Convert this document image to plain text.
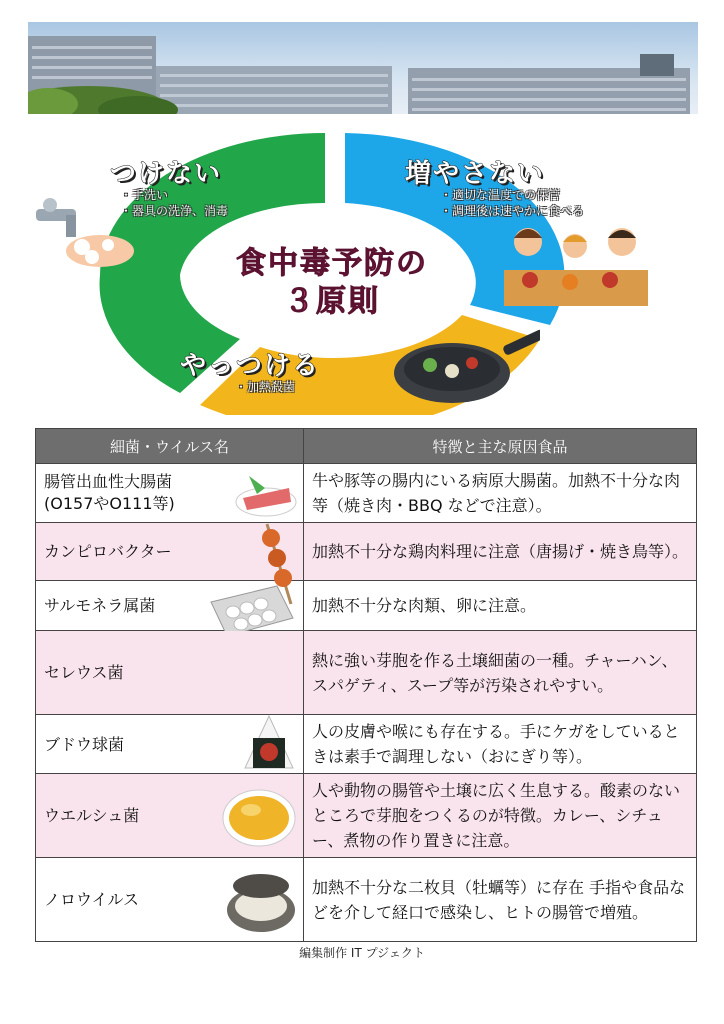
つけない
・手洗い
・器具の洗浄、消毒
増やさない
・適切な温度での保管
・調理後は速やかに食べる
やっつける
・加熱殺菌
食中毒予防の
３原則
細菌・ウイルス名	特徴と主な原因食品

腸管出血性大腸菌
(O157やO111等)	牛や豚等の腸内にいる病原大腸菌。加熱不十分な肉等（焼き肉・BBQ などで注意）。

カンピロバクター	加熱不十分な鶏肉料理に注意（唐揚げ・焼き鳥等）。

サルモネラ属菌	加熱不十分な肉類、卵に注意。

セレウス菌	熱に強い芽胞を作る土壌細菌の一種。チャーハン、スパゲティ、スープ等が汚染されやすい。

ブドウ球菌	人の皮膚や喉にも存在する。手にケガをしているときは素手で調理しない（おにぎり等）。

ウエルシュ菌	人や動物の腸管や土壌に広く生息する。酸素のないところで芽胞をつくるのが特徴。カレー、シチュー、煮物の作り置きに注意。

ノロウイルス	加熱不十分な二枚貝（牡蠣等）に存在 手指や食品などを介して経口で感染し、ヒトの腸管で増殖。
編集制作 IT プジェクト
